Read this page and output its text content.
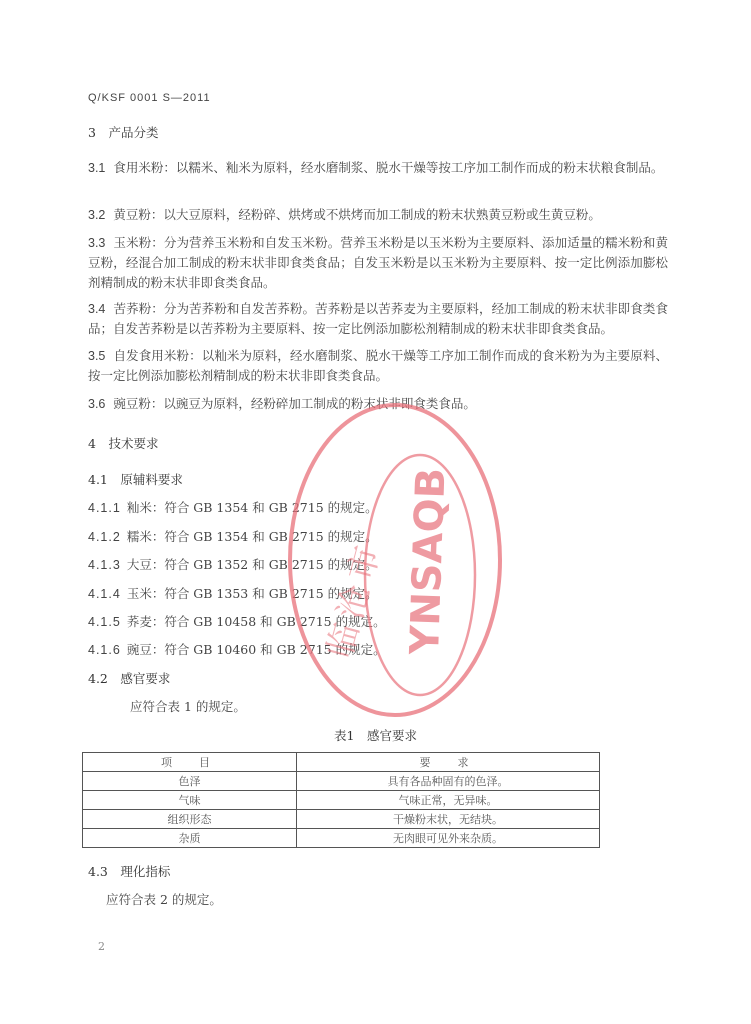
Q/KSF 0001 S—2011
3　产品分类
3.1 食用米粉：以糯米、籼米为原料，经水磨制浆、脱水干燥等按工序加工制作而成的粉末状粮食制品。
3.2 黄豆粉：以大豆原料，经粉碎、烘烤或不烘烤而加工制成的粉末状熟黄豆粉或生黄豆粉。
3.3 玉米粉：分为营养玉米粉和自发玉米粉。营养玉米粉是以玉米粉为主要原料、添加适量的糯米粉和黄豆粉，经混合加工制成的粉末状非即食类食品；自发玉米粉是以玉米粉为主要原料、按一定比例添加膨松剂精制成的粉末状非即食类食品。
3.4 苦荞粉：分为苦荞粉和自发苦荞粉。苦荞粉是以苦荞麦为主要原料，经加工制成的粉末状非即食类食品；自发苦荞粉是以苦荞粉为主要原料、按一定比例添加膨松剂精制成的粉末状非即食类食品。
3.5 自发食用米粉：以籼米为原料，经水磨制浆、脱水干燥等工序加工制作而成的食米粉为为主要原料、按一定比例添加膨松剂精制成的粉末状非即食类食品。
3.6 豌豆粉：以豌豆为原料，经粉碎加工制成的粉末状非即食类食品。
4　技术要求
4.1　原辅料要求
4.1.1 籼米：符合 GB 1354 和 GB 2715 的规定。
4.1.2 糯米：符合 GB 1354 和 GB 2715 的规定。
4.1.3 大豆：符合 GB 1352 和 GB 2715 的规定。
4.1.4 玉米：符合 GB 1353 和 GB 2715 的规定。
4.1.5 荞麦：符合 GB 10458 和 GB 2715 的规定。
4.1.6 豌豆：符合 GB 10460 和 GB 2715 的规定。
4.2　感官要求
应符合表 1 的规定。
表1　感官要求
项　目	要　求
色泽	具有各品种固有的色泽。
气味	气味正常，无异味。
组织形态	干燥粉末状，无结块。
杂质	无肉眼可见外来杂质。
4.3　理化指标
应符合表 2 的规定。
2
YNSAQB
临沧市
